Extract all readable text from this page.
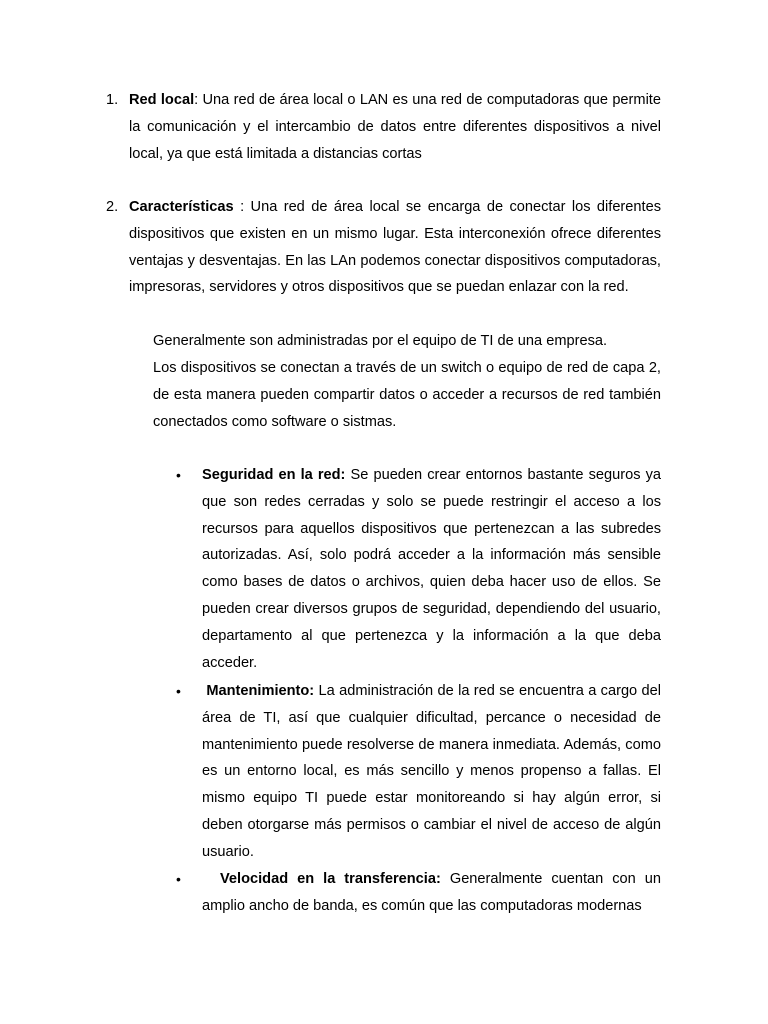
1. Red local: Una red de área local o LAN es una red de computadoras que permite la comunicación y el intercambio de datos entre diferentes dispositivos a nivel local, ya que está limitada a distancias cortas
2. Características : Una red de área local se encarga de conectar los diferentes dispositivos que existen en un mismo lugar. Esta interconexión ofrece diferentes ventajas y desventajas. En las LAn podemos conectar dispositivos computadoras, impresoras, servidores y otros dispositivos que se puedan enlazar con la red.
Generalmente son administradas por el equipo de TI de una empresa.
Los dispositivos se conectan a través de un switch o equipo de red de capa 2, de esta manera pueden compartir datos o acceder a recursos de red también conectados como software o sistmas.
• Seguridad en la red: Se pueden crear entornos bastante seguros ya que son redes cerradas y solo se puede restringir el acceso a los recursos para aquellos dispositivos que pertenezcan a las subredes autorizadas. Así, solo podrá acceder a la información más sensible como bases de datos o archivos, quien deba hacer uso de ellos. Se pueden crear diversos grupos de seguridad, dependiendo del usuario, departamento al que pertenezca y la información a la que deba acceder.
• Mantenimiento: La administración de la red se encuentra a cargo del área de TI, así que cualquier dificultad, percance o necesidad de mantenimiento puede resolverse de manera inmediata. Además, como es un entorno local, es más sencillo y menos propenso a fallas. El mismo equipo TI puede estar monitoreando si hay algún error, si deben otorgarse más permisos o cambiar el nivel de acceso de algún usuario.
• Velocidad en la transferencia: Generalmente cuentan con un amplio ancho de banda, es común que las computadoras modernas
